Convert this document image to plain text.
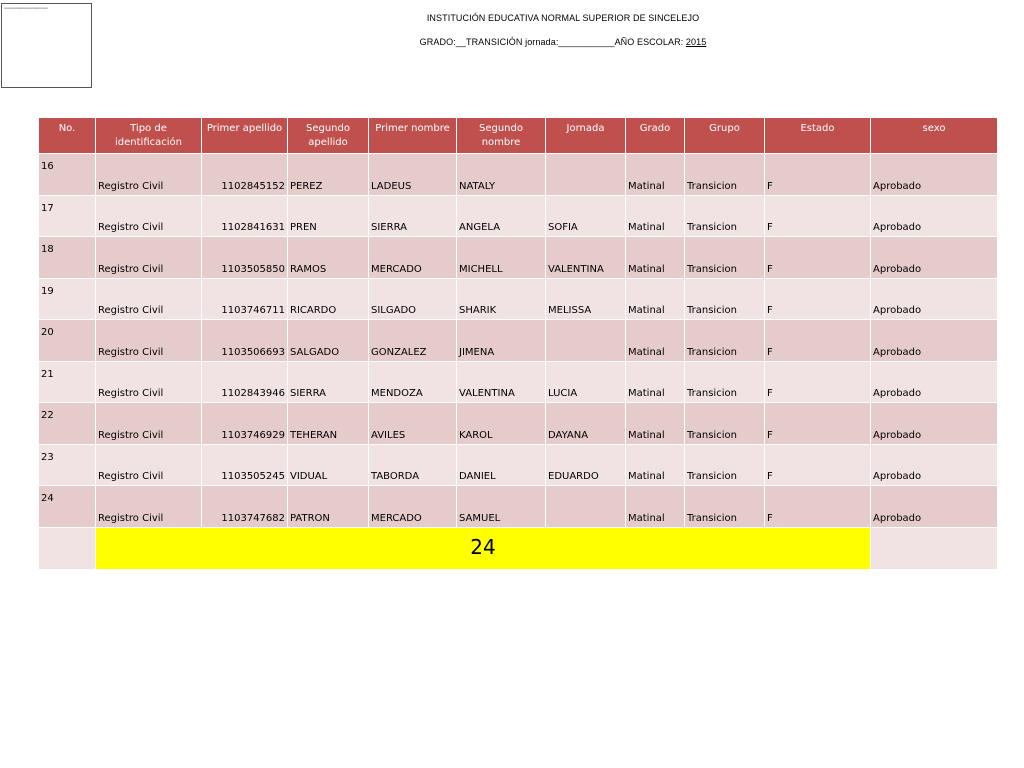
▪▪▪▪▪▪▪▪▪▪▪▪▪▪▪▪▪▪▪▪▪▪▪▪▪▪▪▪▪▪▪▪▪▪▪▪▪▪▪▪▪
INSTITUCIÓN EDUCATIVA NORMAL SUPERIOR DE SINCELEJO
GRADO:__TRANSICIÓN jornada:___________AÑO ESCOLAR: 2015
No.	Tipo de identificación	Primer apellido	Segundo apellido	Primer nombre	Segundo nombre	Jornada	Grado	Grupo	Estado	sexo
16	Registro Civil	1102845152	PEREZ	LADEUS	NATALY		Matinal	Transicion	F	Aprobado
17	Registro Civil	1102841631	PREN	SIERRA	ANGELA	SOFIA	Matinal	Transicion	F	Aprobado
18	Registro Civil	1103505850	RAMOS	MERCADO	MICHELL	VALENTINA	Matinal	Transicion	F	Aprobado
19	Registro Civil	1103746711	RICARDO	SILGADO	SHARIK	MELISSA	Matinal	Transicion	F	Aprobado
20	Registro Civil	1103506693	SALGADO	GONZALEZ	JIMENA		Matinal	Transicion	F	Aprobado
21	Registro Civil	1102843946	SIERRA	MENDOZA	VALENTINA	LUCIA	Matinal	Transicion	F	Aprobado
22	Registro Civil	1103746929	TEHERAN	AVILES	KAROL	DAYANA	Matinal	Transicion	F	Aprobado
23	Registro Civil	1103505245	VIDUAL	TABORDA	DANIEL	EDUARDO	Matinal	Transicion	F	Aprobado
24	Registro Civil	1103747682	PATRON	MERCADO	SAMUEL		Matinal	Transicion	F	Aprobado
	24									
